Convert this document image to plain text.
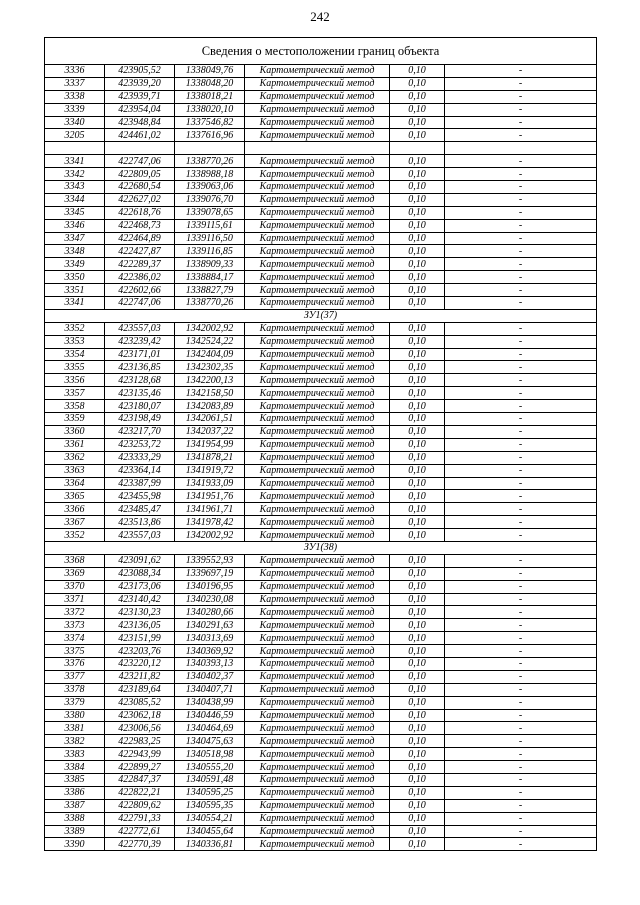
242
Сведения о местоположении границ объекта					
3336	423905,52	1338049,76	Картометрический метод	0,10	-
3337	423939,20	1338048,20	Картометрический метод	0,10	-
3338	423939,71	1338018,21	Картометрический метод	0,10	-
3339	423954,04	1338020,10	Картометрический метод	0,10	-
3340	423948,84	1337546,82	Картометрический метод	0,10	-
3205	424461,02	1337616,96	Картометрический метод	0,10	-

3341	422747,06	1338770,26	Картометрический метод	0,10	-
3342	422809,05	1338988,18	Картометрический метод	0,10	-
3343	422680,54	1339063,06	Картометрический метод	0,10	-
3344	422627,02	1339076,70	Картометрический метод	0,10	-
3345	422618,76	1339078,65	Картометрический метод	0,10	-
3346	422468,73	1339115,61	Картометрический метод	0,10	-
3347	422464,89	1339116,50	Картометрический метод	0,10	-
3348	422427,87	1339116,85	Картометрический метод	0,10	-
3349	422289,37	1338909,33	Картометрический метод	0,10	-
3350	422386,02	1338884,17	Картометрический метод	0,10	-
3351	422602,66	1338827,79	Картометрический метод	0,10	-
3341	422747,06	1338770,26	Картометрический метод	0,10	-
ЗУ1(37)					
3352	423557,03	1342002,92	Картометрический метод	0,10	-
3353	423239,42	1342524,22	Картометрический метод	0,10	-
3354	423171,01	1342404,09	Картометрический метод	0,10	-
3355	423136,85	1342302,35	Картометрический метод	0,10	-
3356	423128,68	1342200,13	Картометрический метод	0,10	-
3357	423135,46	1342158,50	Картометрический метод	0,10	-
3358	423180,07	1342083,89	Картометрический метод	0,10	-
3359	423198,49	1342061,51	Картометрический метод	0,10	-
3360	423217,70	1342037,22	Картометрический метод	0,10	-
3361	423253,72	1341954,99	Картометрический метод	0,10	-
3362	423333,29	1341878,21	Картометрический метод	0,10	-
3363	423364,14	1341919,72	Картометрический метод	0,10	-
3364	423387,99	1341933,09	Картометрический метод	0,10	-
3365	423455,98	1341951,76	Картометрический метод	0,10	-
3366	423485,47	1341961,71	Картометрический метод	0,10	-
3367	423513,86	1341978,42	Картометрический метод	0,10	-
3352	423557,03	1342002,92	Картометрический метод	0,10	-
ЗУ1(38)					
3368	423091,62	1339552,93	Картометрический метод	0,10	-
3369	423088,34	1339697,19	Картометрический метод	0,10	-
3370	423173,06	1340196,95	Картометрический метод	0,10	-
3371	423140,42	1340230,08	Картометрический метод	0,10	-
3372	423130,23	1340280,66	Картометрический метод	0,10	-
3373	423136,05	1340291,63	Картометрический метод	0,10	-
3374	423151,99	1340313,69	Картометрический метод	0,10	-
3375	423203,76	1340369,92	Картометрический метод	0,10	-
3376	423220,12	1340393,13	Картометрический метод	0,10	-
3377	423211,82	1340402,37	Картометрический метод	0,10	-
3378	423189,64	1340407,71	Картометрический метод	0,10	-
3379	423085,52	1340438,99	Картометрический метод	0,10	-
3380	423062,18	1340446,59	Картометрический метод	0,10	-
3381	423006,56	1340464,69	Картометрический метод	0,10	-
3382	422983,25	1340475,63	Картометрический метод	0,10	-
3383	422943,99	1340518,98	Картометрический метод	0,10	-
3384	422899,27	1340555,20	Картометрический метод	0,10	-
3385	422847,37	1340591,48	Картометрический метод	0,10	-
3386	422822,21	1340595,25	Картометрический метод	0,10	-
3387	422809,62	1340595,35	Картометрический метод	0,10	-
3388	422791,33	1340554,21	Картометрический метод	0,10	-
3389	422772,61	1340455,64	Картометрический метод	0,10	-
3390	422770,39	1340336,81	Картометрический метод	0,10	-
